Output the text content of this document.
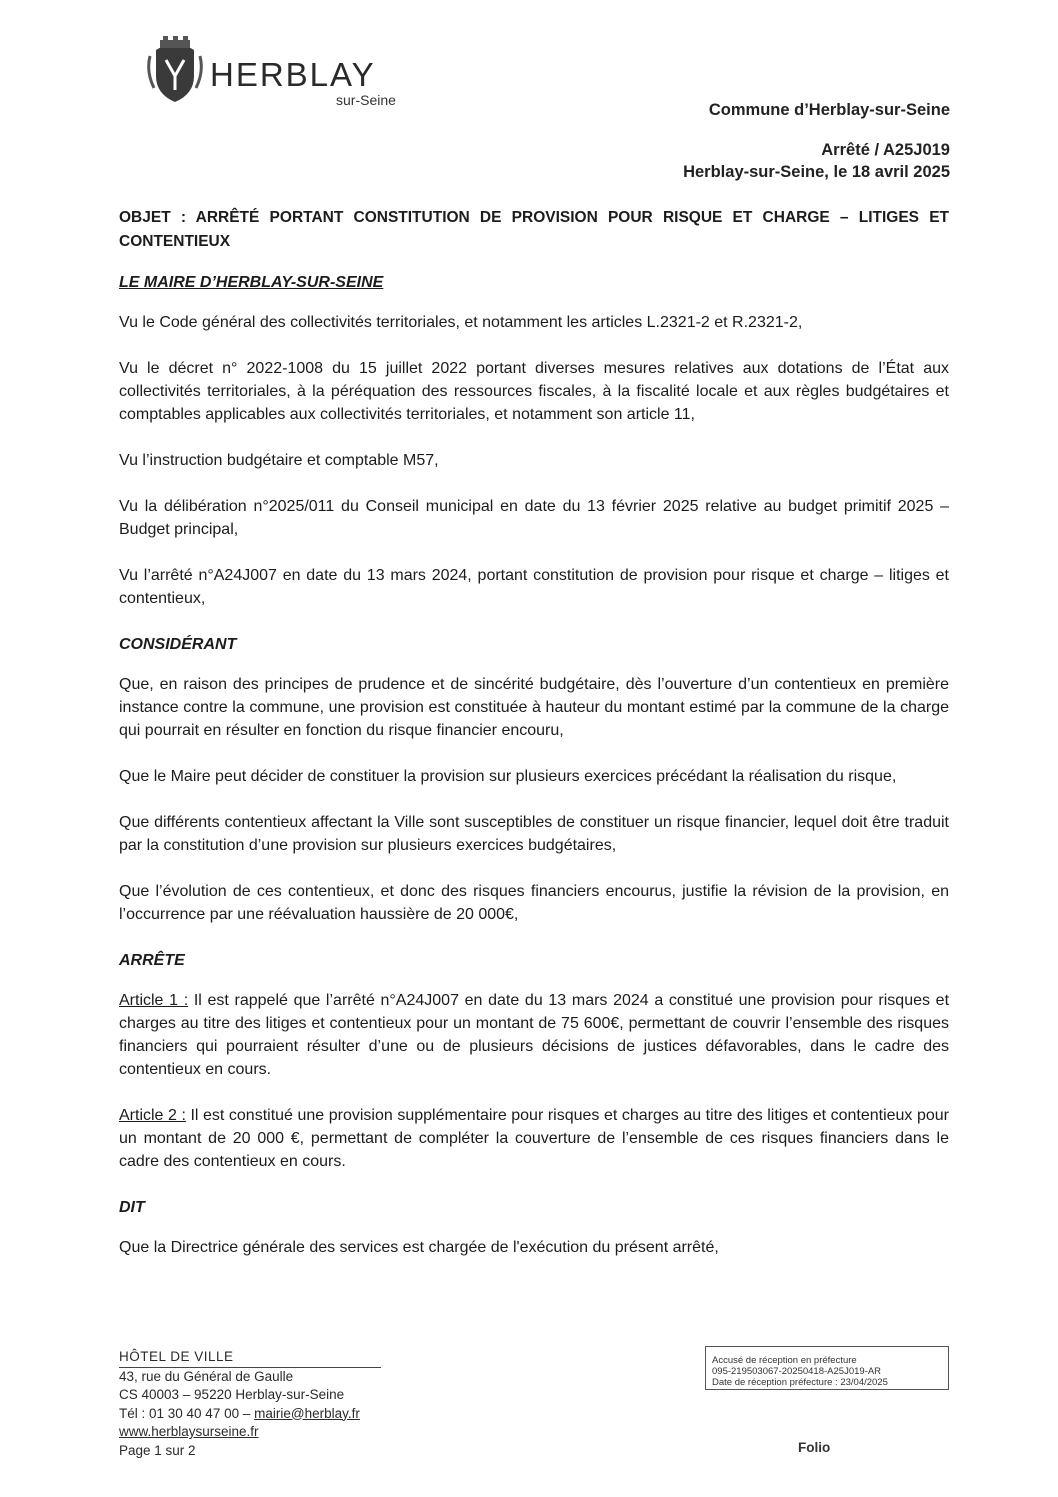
HERBLAY
sur-Seine
Commune d’Herblay-sur-Seine
Arrêté / A25J019
Herblay-sur-Seine, le 18 avril 2025

OBJET : ARRÊTÉ PORTANT CONSTITUTION DE PROVISION POUR RISQUE ET CHARGE – LITIGES ET CONTENTIEUX

LE MAIRE D’HERBLAY-SUR-SEINE

Vu le Code général des collectivités territoriales, et notamment les articles L.2321-2 et R.2321-2,

Vu le décret n° 2022-1008 du 15 juillet 2022 portant diverses mesures relatives aux dotations de l’État aux collectivités territoriales, à la péréquation des ressources fiscales, à la fiscalité locale et aux règles budgétaires et comptables applicables aux collectivités territoriales, et notamment son article 11,

Vu l’instruction budgétaire et comptable M57,

Vu la délibération n°2025/011 du Conseil municipal en date du 13 février 2025 relative au budget primitif 2025 – Budget principal,

Vu l’arrêté n°A24J007 en date du 13 mars 2024, portant constitution de provision pour risque et charge – litiges et contentieux,

CONSIDÉRANT

Que, en raison des principes de prudence et de sincérité budgétaire, dès l’ouverture d’un contentieux en première instance contre la commune, une provision est constituée à hauteur du montant estimé par la commune de la charge qui pourrait en résulter en fonction du risque financier encouru,

Que le Maire peut décider de constituer la provision sur plusieurs exercices précédant la réalisation du risque,

Que différents contentieux affectant la Ville sont susceptibles de constituer un risque financier, lequel doit être traduit par la constitution d’une provision sur plusieurs exercices budgétaires,

Que l’évolution de ces contentieux, et donc des risques financiers encourus, justifie la révision de la provision, en l’occurrence par une réévaluation haussière de 20 000€,

ARRÊTE

Article 1 : Il est rappelé que l’arrêté n°A24J007 en date du 13 mars 2024 a constitué une provision pour risques et charges au titre des litiges et contentieux pour un montant de 75 600€, permettant de couvrir l’ensemble des risques financiers qui pourraient résulter d’une ou de plusieurs décisions de justices défavorables, dans le cadre des contentieux en cours.

Article 2 : Il est constitué une provision supplémentaire pour risques et charges au titre des litiges et contentieux pour un montant de 20 000 €, permettant de compléter la couverture de l’ensemble de ces risques financiers dans le cadre des contentieux en cours.

DIT

Que la Directrice générale des services est chargée de l'exécution du présent arrêté,

HÔTEL DE VILLE
43, rue du Général de Gaulle
CS 40003 – 95220 Herblay-sur-Seine
Tél : 01 30 40 47 00 – mairie@herblay.fr
www.herblaysurseine.fr
Page 1 sur 2
Accusé de réception en préfecture
095-219503067-20250418-A25J019-AR
Date de réception préfecture : 23/04/2025
Folio
